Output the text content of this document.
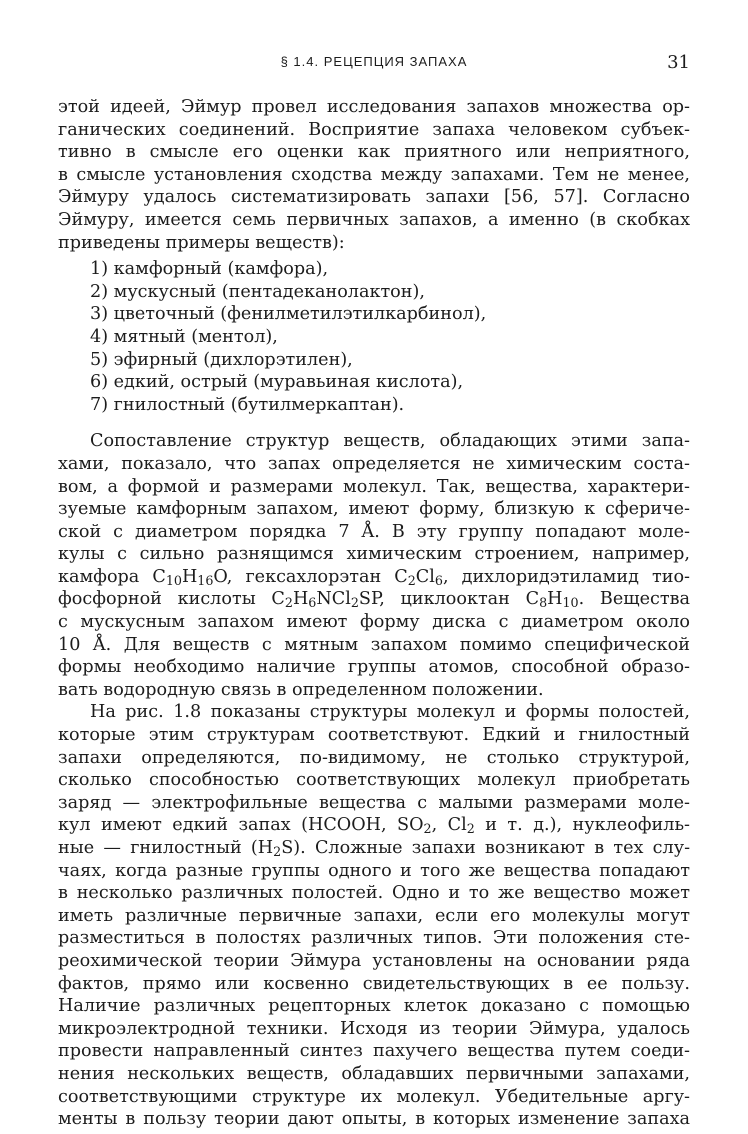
§ 1.4. РЕЦЕПЦИЯ ЗАПАХА	31
этой идеей, Эймур провел исследования запахов множества ор-
ганических соединений. Восприятие запаха человеком субъек-
тивно в смысле его оценки как приятного или неприятного,
в смысле установления сходства между запахами. Тем не менее,
Эймуру удалось систематизировать запахи [56, 57]. Согласно
Эймуру, имеется семь первичных запахов, а именно (в скобках
приведены примеры веществ):
1) камфорный (камфора),
2) мускусный (пентадеканолактон),
3) цветочный (фенилметилэтилкарбинол),
4) мятный (ментол),
5) эфирный (дихлорэтилен),
6) едкий, острый (муравьиная кислота),
7) гнилостный (бутилмеркаптан).
Сопоставление структур веществ, обладающих этими запа-
хами, показало, что запах определяется не химическим соста-
вом, а формой и размерами молекул. Так, вещества, характери-
зуемые камфорным запахом, имеют форму, близкую к сфериче-
ской с диаметром порядка 7 Å. В эту группу попадают моле-
кулы с сильно разнящимся химическим строением, например,
камфора $C_{10}H_{16}O$, гексахлорэтан $C_2Cl_6$, дихлоридэтиламид тио-
фосфорной кислоты $C_2H_6NCl_2SP$, циклооктан $C_8H_{10}$. Вещества
с мускусным запахом имеют форму диска с диаметром около
10 Å. Для веществ с мятным запахом помимо специфической
формы необходимо наличие группы атомов, способной образо-
вать водородную связь в определенном положении.
На рис. 1.8 показаны структуры молекул и формы полостей,
которые этим структурам соответствуют. Едкий и гнилостный
запахи определяются, по-видимому, не столько структурой,
сколько способностью соответствующих молекул приобретать
заряд — электрофильные вещества с малыми размерами моле-
кул имеют едкий запах (HCOOH, $SO_2$, $Cl_2$ и т. д.), нуклеофиль-
ные — гнилостный $(H_2S)$. Сложные запахи возникают в тех слу-
чаях, когда разные группы одного и того же вещества попадают
в несколько различных полостей. Одно и то же вещество может
иметь различные первичные запахи, если его молекулы могут
разместиться в полостях различных типов. Эти положения сте-
реохимической теории Эймура установлены на основании ряда
фактов, прямо или косвенно свидетельствующих в ее пользу.
Наличие различных рецепторных клеток доказано с помощью
микроэлектродной техники. Исходя из теории Эймура, удалось
провести направленный синтез пахучего вещества путем соеди-
нения нескольких веществ, обладавших первичными запахами,
соответствующими структуре их молекул. Убедительные аргу-
менты в пользу теории дают опыты, в которых изменение запаха
